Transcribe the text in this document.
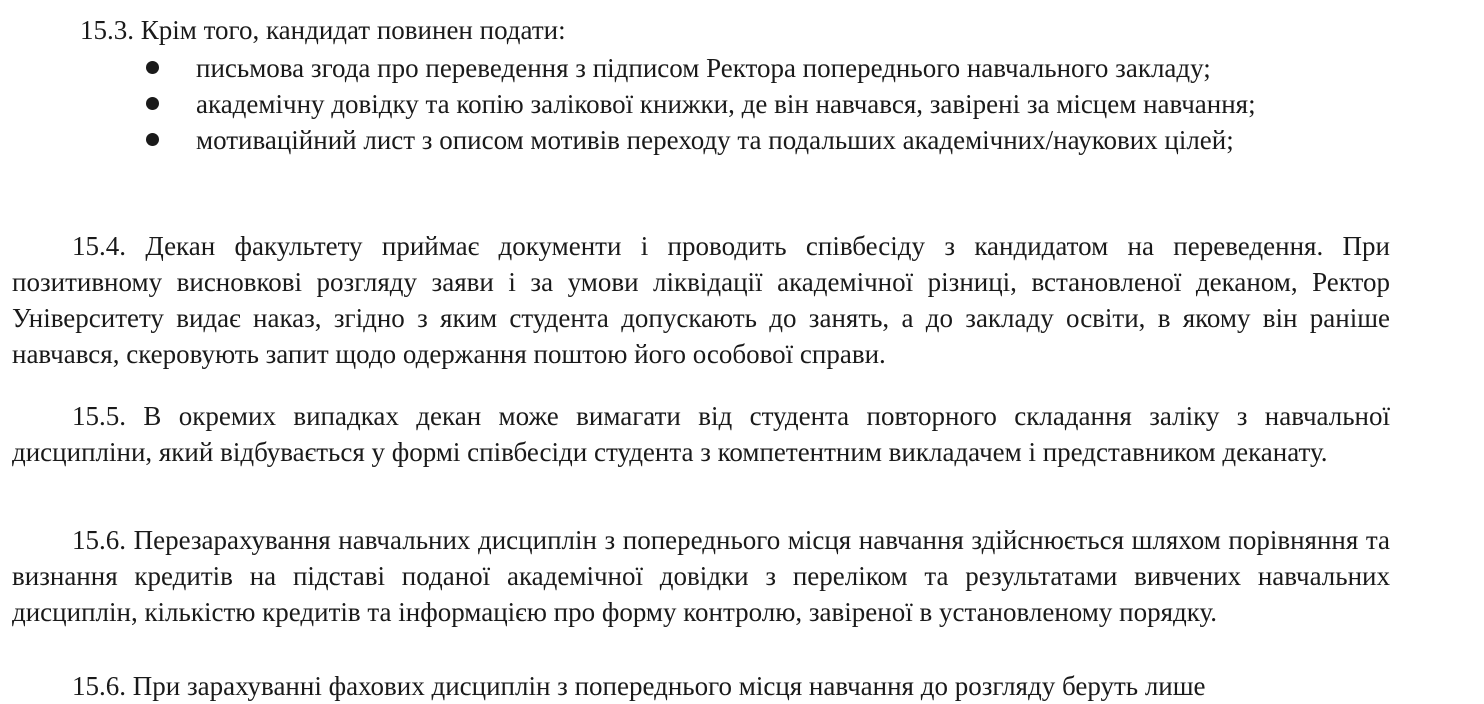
15.3. Крім того, кандидат повинен подати:
письмова згода про переведення з підписом Ректора попереднього навчального закладу;
академічну довідку та копію залікової книжки, де він навчався, завірені за місцем навчання;
мотиваційний лист з описом мотивів переходу та подальших академічних/наукових цілей;
15.4. Декан факультету приймає документи і проводить співбесіду з кандидатом на переведення. При позитивному висновкові розгляду заяви і за умови ліквідації академічної різниці, встановленої деканом, Ректор Університету видає наказ, згідно з яким студента допускають до занять, а до закладу освіти, в якому він раніше навчався, скеровують запит щодо одержання поштою його особової справи.
15.5. В окремих випадках декан може вимагати від студента повторного складання заліку з навчальної дисципліни, який відбувається у формі співбесіди студента з компетентним викладачем і представником деканату.
15.6. Перезарахування навчальних дисциплін з попереднього місця навчання здійснюється шляхом порівняння та визнання кредитів на підставі поданої академічної довідки з переліком та результатами вивчених навчальних дисциплін, кількістю кредитів та інформацією про форму контролю, завіреної в установленому порядку.
15.6. При зарахуванні фахових дисциплін з попереднього місця навчання до розгляду беруть лише
